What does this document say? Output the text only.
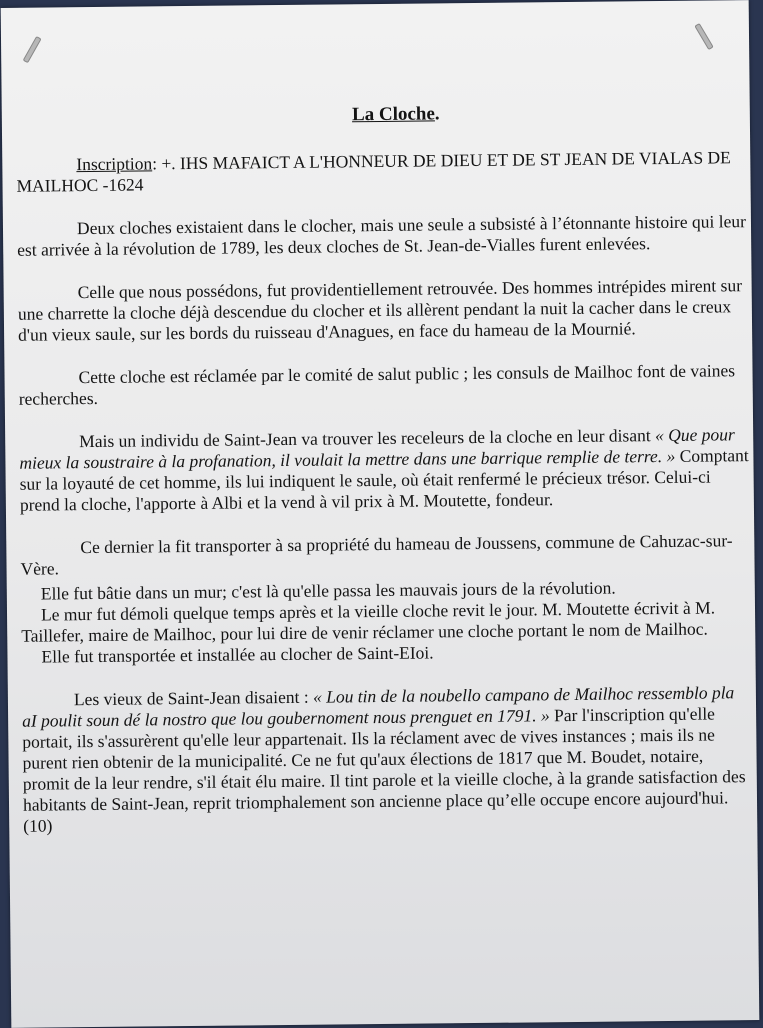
La Cloche.

Inscription: +. IHS MAFAICT A L'HONNEUR DE DIEU ET DE ST JEAN DE VIALAS DE MAILHOC -1624

Deux cloches existaient dans le clocher, mais une seule a subsisté à l’étonnante histoire qui leur est arrivée à la révolution de 1789, les deux cloches de St. Jean-de-Vialles furent enlevées.

Celle que nous possédons, fut providentiellement retrouvée. Des hommes intrépides mirent sur une charrette la cloche déjà descendue du clocher et ils allèrent pendant la nuit la cacher dans le creux d'un vieux saule, sur les bords du ruisseau d'Anagues, en face du hameau de la Mournié.

Cette cloche est réclamée par le comité de salut public ; les consuls de Mailhoc font de vaines recherches.

Mais un individu de Saint-Jean va trouver les receleurs de la cloche en leur disant « Que pour mieux la soustraire à la profanation, il voulait la mettre dans une barrique remplie de terre. » Comptant sur la loyauté de cet homme, ils lui indiquent le saule, où était renfermé le précieux trésor. Celui-ci prend la cloche, l'apporte à Albi et la vend à vil prix à M. Moutette, fondeur.

Ce dernier la fit transporter à sa propriété du hameau de Joussens, commune de Cahuzac-sur-Vère.

Elle fut bâtie dans un mur; c'est là qu'elle passa les mauvais jours de la révolution.

Le mur fut démoli quelque temps après et la vieille cloche revit le jour. M. Moutette écrivit à M. Taillefer, maire de Mailhoc, pour lui dire de venir réclamer une cloche portant le nom de Mailhoc.

Elle fut transportée et installée au clocher de Saint-EIoi.

Les vieux de Saint-Jean disaient : « Lou tin de la noubello campano de Mailhoc ressemblo pla aI poulit soun dé la nostro que lou goubernoment nous prenguet en 1791. » Par l'inscription qu'elle portait, ils s'assurèrent qu'elle leur appartenait. Ils la réclament avec de vives instances ; mais ils ne purent rien obtenir de la municipalité. Ce ne fut qu'aux élections de 1817 que M. Boudet, notaire, promit de la leur rendre, s'il était élu maire. Il tint parole et la vieille cloche, à la grande satisfaction des habitants de Saint-Jean, reprit triomphalement son ancienne place qu’elle occupe encore aujourd'hui.(10)
